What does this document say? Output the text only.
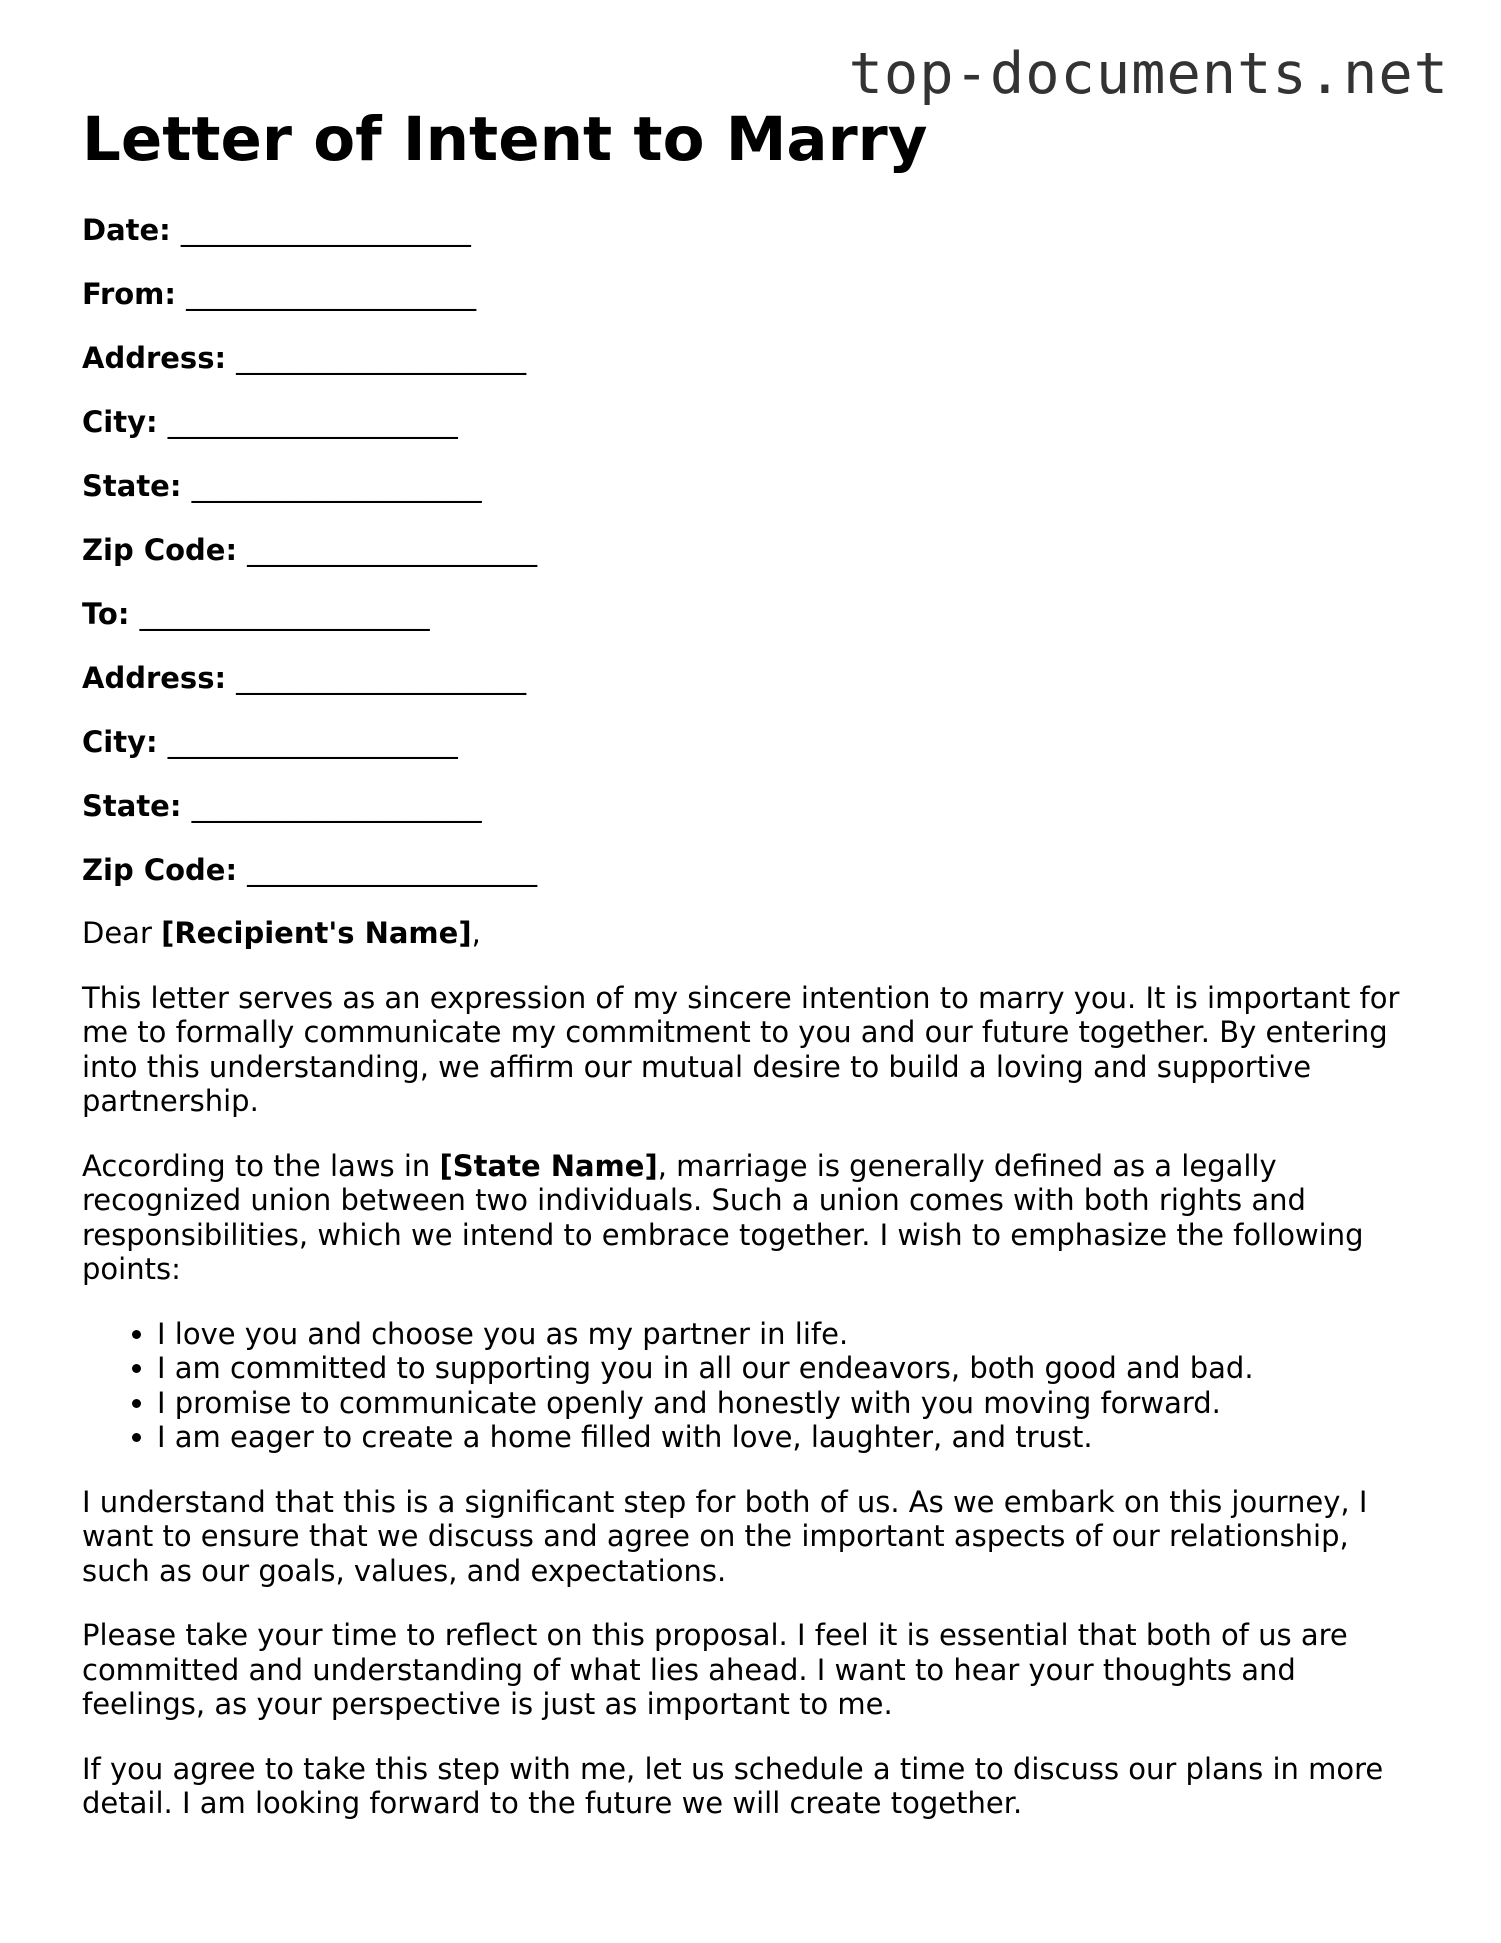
top-documents.net
Letter of Intent to Marry
Date: ____________________
From: ____________________
Address: ____________________
City: ____________________
State: ____________________
Zip Code: ____________________
To: ____________________
Address: ____________________
City: ____________________
State: ____________________
Zip Code: ____________________

Dear [Recipient's Name],

This letter serves as an expression of my sincere intention to marry you. It is important for me to formally communicate my commitment to you and our future together. By entering into this understanding, we affirm our mutual desire to build a loving and supportive partnership.

According to the laws in [State Name], marriage is generally defined as a legally recognized union between two individuals. Such a union comes with both rights and responsibilities, which we intend to embrace together. I wish to emphasize the following points:

• I love you and choose you as my partner in life.
• I am committed to supporting you in all our endeavors, both good and bad.
• I promise to communicate openly and honestly with you moving forward.
• I am eager to create a home filled with love, laughter, and trust.

I understand that this is a significant step for both of us. As we embark on this journey, I want to ensure that we discuss and agree on the important aspects of our relationship, such as our goals, values, and expectations.

Please take your time to reflect on this proposal. I feel it is essential that both of us are committed and understanding of what lies ahead. I want to hear your thoughts and feelings, as your perspective is just as important to me.

If you agree to take this step with me, let us schedule a time to discuss our plans in more detail. I am looking forward to the future we will create together.
